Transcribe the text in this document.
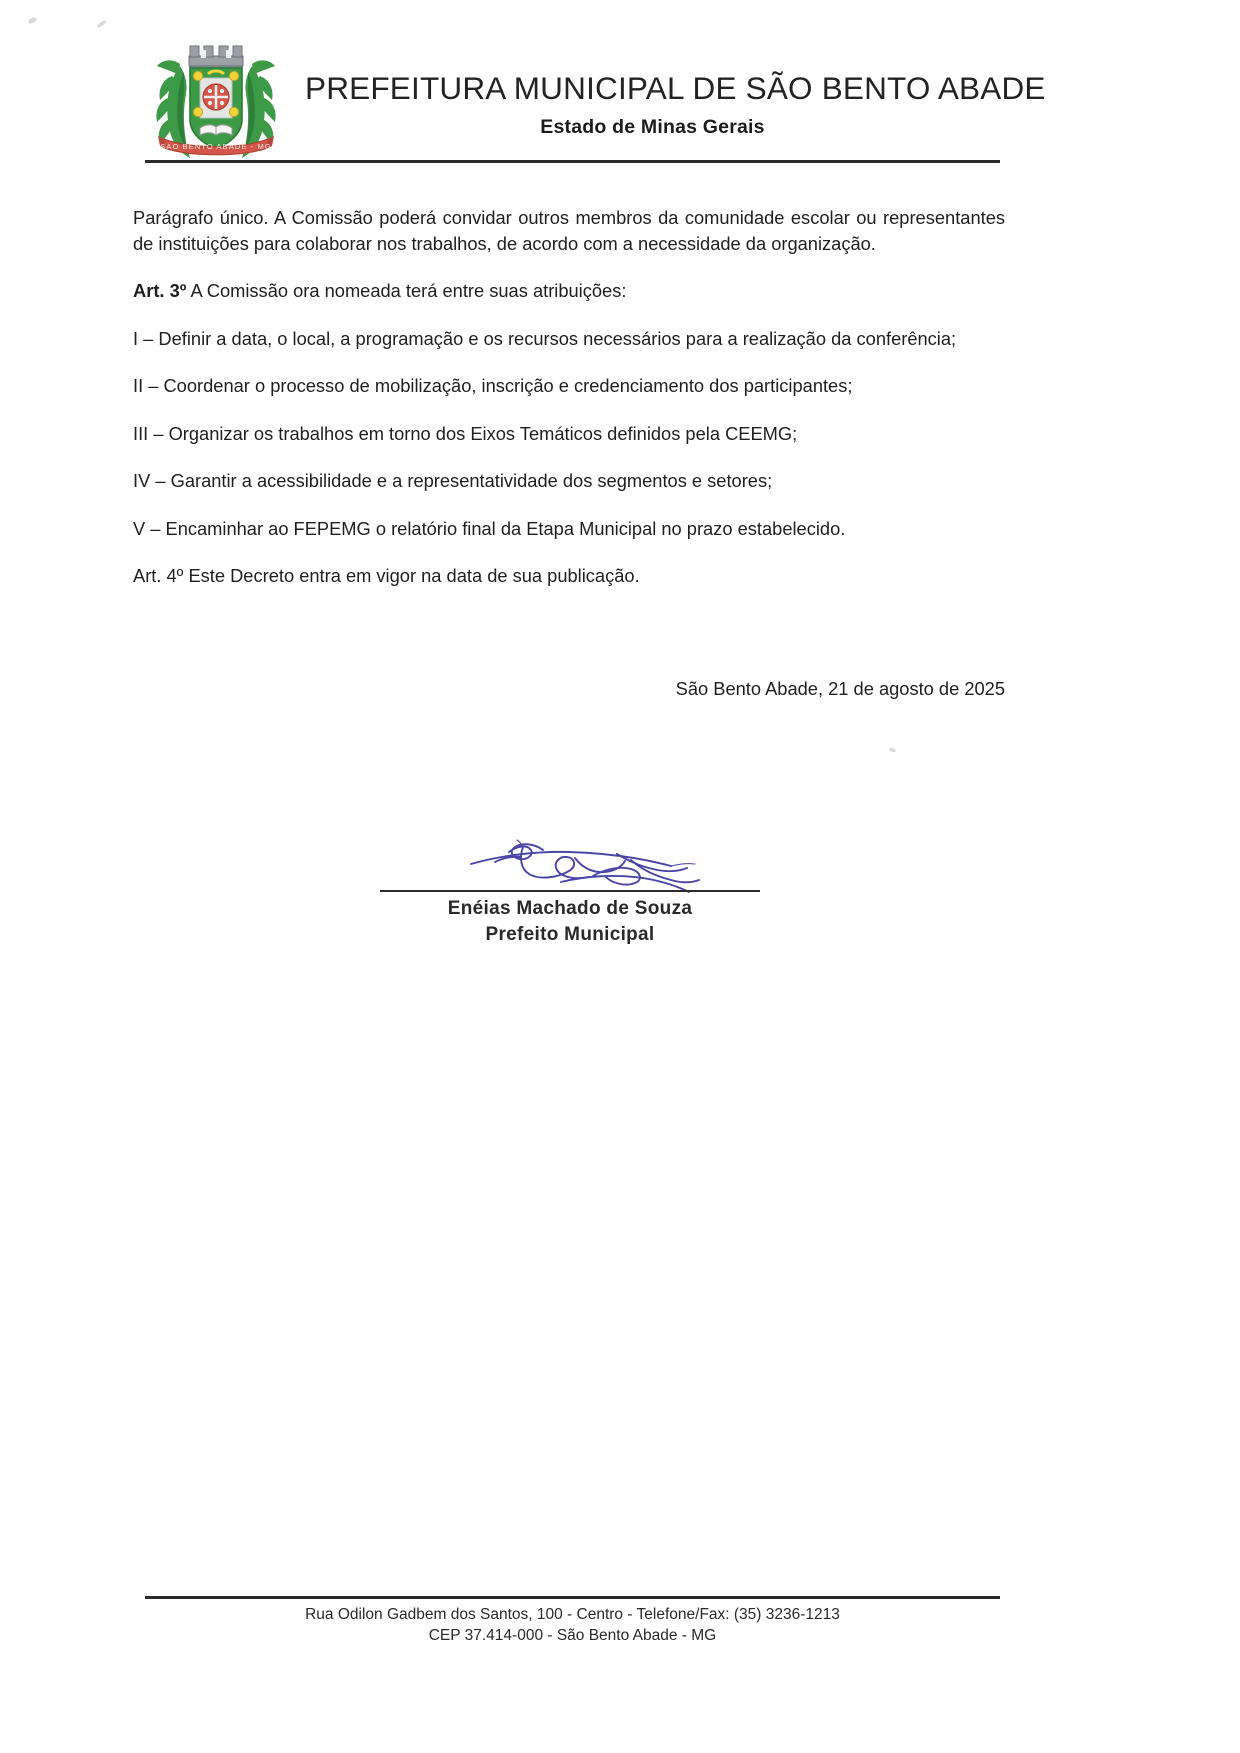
SAO BENTO ABADE - MG
PREFEITURA MUNICIPAL DE SÃO BENTO ABADE
Estado de Minas Gerais

Parágrafo único. A Comissão poderá convidar outros membros da comunidade escolar ou representantes de instituições para colaborar nos trabalhos, de acordo com a necessidade da organização.

Art. 3º A Comissão ora nomeada terá entre suas atribuições:

I – Definir a data, o local, a programação e os recursos necessários para a realização da conferência;

II – Coordenar o processo de mobilização, inscrição e credenciamento dos participantes;

III – Organizar os trabalhos em torno dos Eixos Temáticos definidos pela CEEMG;

IV – Garantir a acessibilidade e a representatividade dos segmentos e setores;

V – Encaminhar ao FEPEMG o relatório final da Etapa Municipal no prazo estabelecido.

Art. 4º Este Decreto entra em vigor na data de sua publicação.

São Bento Abade, 21 de agosto de 2025
Enéias Machado de Souza
Prefeito Municipal
Rua Odilon Gadbem dos Santos, 100 - Centro - Telefone/Fax: (35) 3236-1213
CEP 37.414-000 - São Bento Abade - MG
